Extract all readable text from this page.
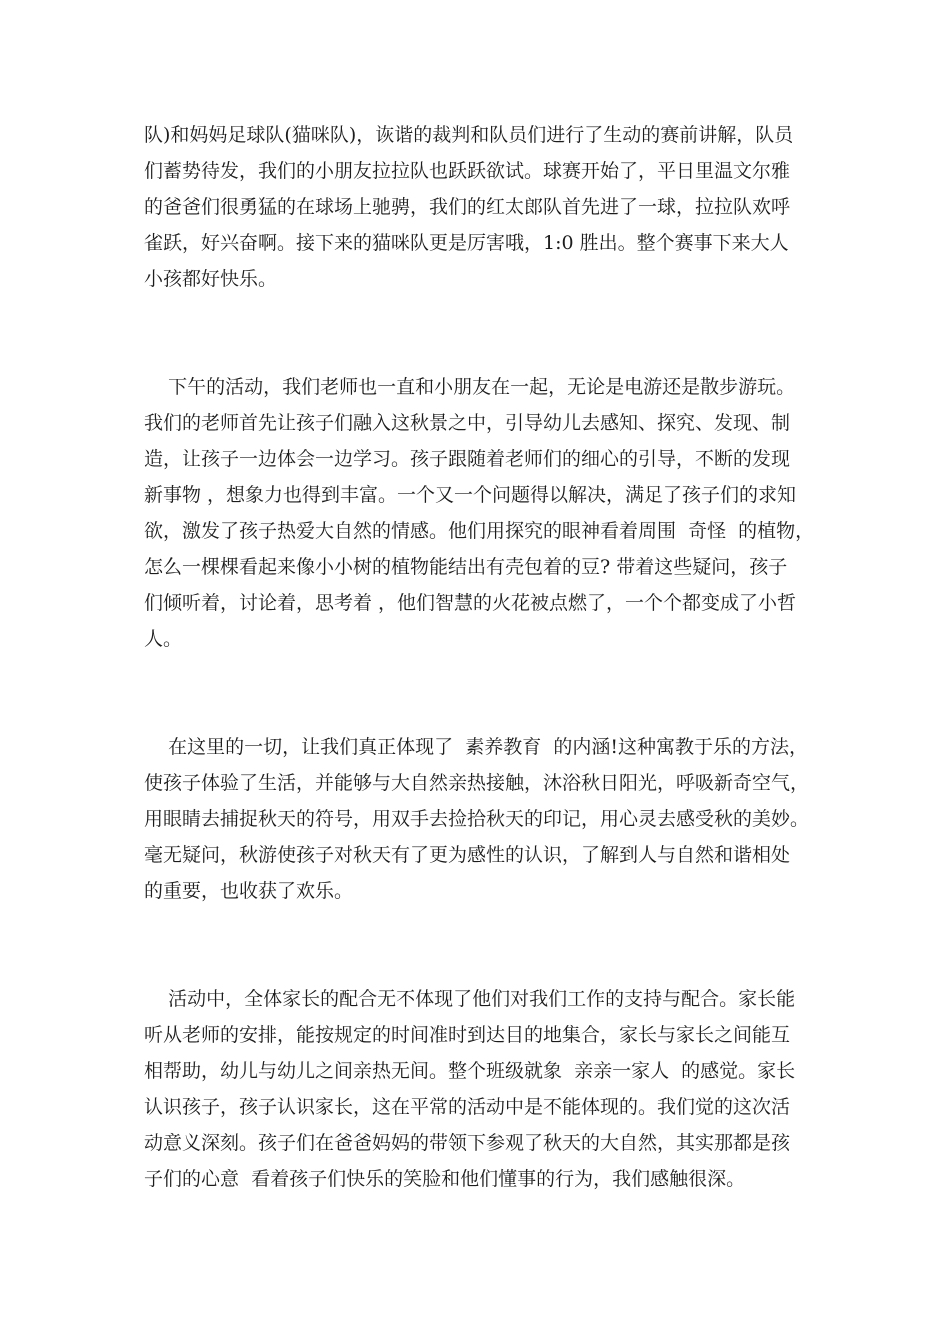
队)和妈妈足球队(猫咪队)，诙谐的裁判和队员们进行了生动的赛前讲解，队员
们蓄势待发，我们的小朋友拉拉队也跃跃欲试。球赛开始了，平日里温文尔雅
的爸爸们很勇猛的在球场上驰骋，我们的红太郎队首先进了一球，拉拉队欢呼
雀跃，好兴奋啊。接下来的猫咪队更是厉害哦，1:0 胜出。整个赛事下来大人
小孩都好快乐。

下午的活动，我们老师也一直和小朋友在一起，无论是电游还是散步游玩。
我们的老师首先让孩子们融入这秋景之中，引导幼儿去感知、探究、发现、制
造，让孩子一边体会一边学习。孩子跟随着老师们的细心的引导，不断的发现
新事物 ，想象力也得到丰富。一个又一个问题得以解决，满足了孩子们的求知
欲，激发了孩子热爱大自然的情感。他们用探究的眼神看着周围  奇怪  的植物，
怎么一棵棵看起来像小小树的植物能结出有壳包着的豆? 带着这些疑问，孩子
们倾听着，讨论着，思考着 ，他们智慧的火花被点燃了，一个个都变成了小哲
人。

在这里的一切，让我们真正体现了  素养教育  的内涵!这种寓教于乐的方法，
使孩子体验了生活，并能够与大自然亲热接触，沐浴秋日阳光，呼吸新奇空气，
用眼睛去捕捉秋天的符号，用双手去捡拾秋天的印记，用心灵去感受秋的美妙。
毫无疑问，秋游使孩子对秋天有了更为感性的认识，了解到人与自然和谐相处
的重要，也收获了欢乐。

活动中，全体家长的配合无不体现了他们对我们工作的支持与配合。家长能
听从老师的安排，能按规定的时间准时到达目的地集合，家长与家长之间能互
相帮助，幼儿与幼儿之间亲热无间。整个班级就象  亲亲一家人  的感觉。家长
认识孩子，孩子认识家长，这在平常的活动中是不能体现的。我们觉的这次活
动意义深刻。孩子们在爸爸妈妈的带领下参观了秋天的大自然，其实那都是孩
子们的心意  看着孩子们快乐的笑脸和他们懂事的行为，我们感触很深。
